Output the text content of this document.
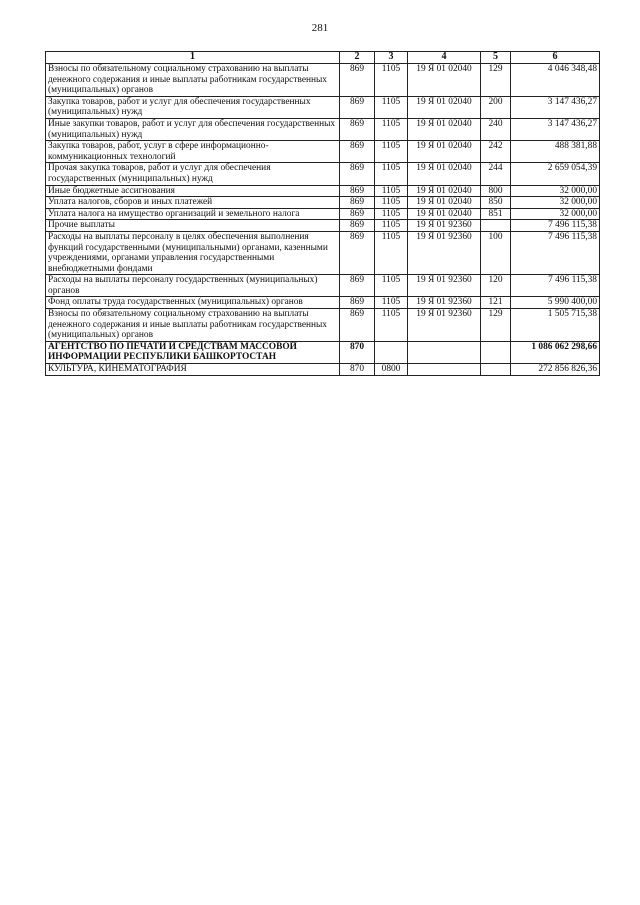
281
1	2	3	4	5	6
Взносы по обязательному социальному страхованию на выплаты денежного содержания и иные выплаты работникам государственных (муниципальных) органов	869	1105	19 Я 01 02040	129	4 046 348,48
Закупка товаров, работ и услуг для обеспечения государственных (муниципальных) нужд	869	1105	19 Я 01 02040	200	3 147 436,27
Иные закупки товаров, работ и услуг для обеспечения государственных (муниципальных) нужд	869	1105	19 Я 01 02040	240	3 147 436,27
Закупка товаров, работ, услуг в сфере информационно-коммуникационных технологий	869	1105	19 Я 01 02040	242	488 381,88
Прочая закупка товаров, работ и услуг для обеспечения государственных (муниципальных) нужд	869	1105	19 Я 01 02040	244	2 659 054,39
Иные бюджетные ассигнования	869	1105	19 Я 01 02040	800	32 000,00
Уплата налогов, сборов и иных платежей	869	1105	19 Я 01 02040	850	32 000,00
Уплата налога на имущество организаций и земельного налога	869	1105	19 Я 01 02040	851	32 000,00
Прочие выплаты	869	1105	19 Я 01 92360		7 496 115,38
Расходы на выплаты персоналу в целях обеспечения выполнения функций государственными (муниципальными) органами, казенными учреждениями, органами управления государственными внебюджетными фондами	869	1105	19 Я 01 92360	100	7 496 115,38
Расходы на выплаты персоналу государственных (муниципальных) органов	869	1105	19 Я 01 92360	120	7 496 115,38
Фонд оплаты труда государственных (муниципальных) органов	869	1105	19 Я 01 92360	121	5 990 400,00
Взносы по обязательному социальному страхованию на выплаты денежного содержания и иные выплаты работникам государственных (муниципальных) органов	869	1105	19 Я 01 92360	129	1 505 715,38
АГЕНТСТВО ПО ПЕЧАТИ И СРЕДСТВАМ МАССОВОЙ ИНФОРМАЦИИ РЕСПУБЛИКИ БАШКОРТОСТАН	870				1 086 062 298,66
КУЛЬТУРА, КИНЕМАТОГРАФИЯ	870	0800			272 856 826,36
